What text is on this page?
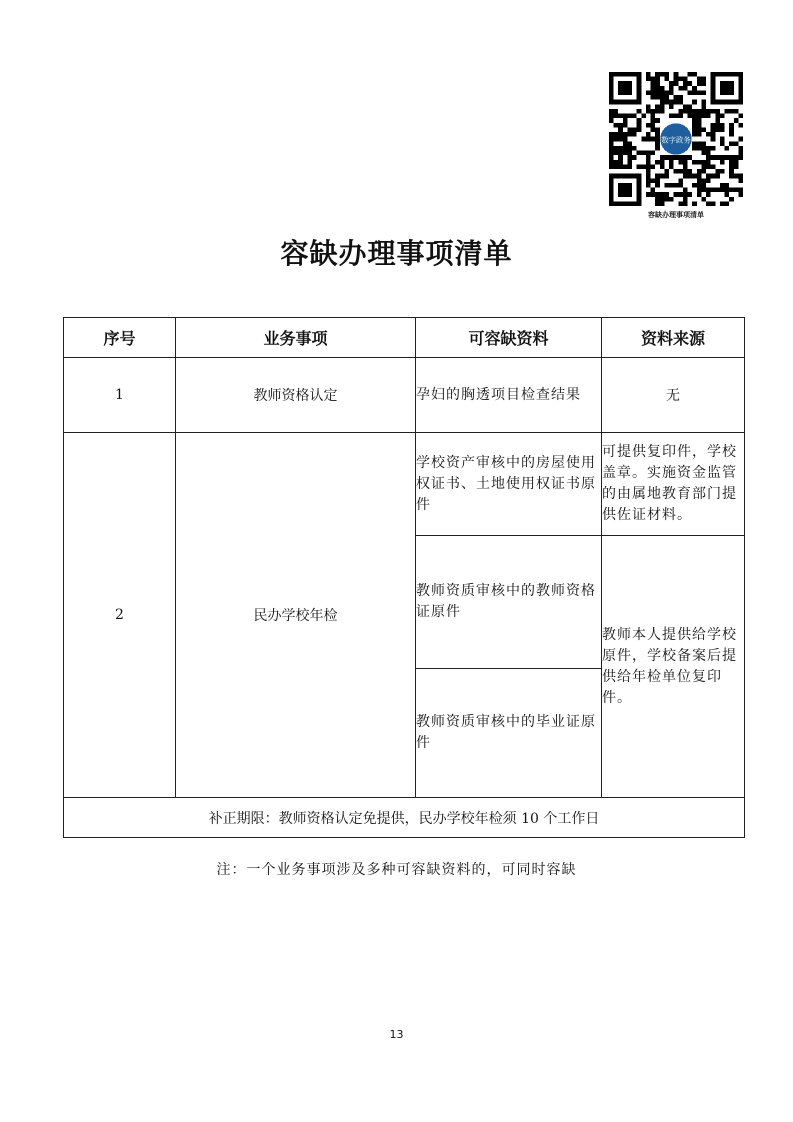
数字政务
容缺办理事项清单
容缺办理事项清单
序号	业务事项	可容缺资料	资料来源
1	教师资格认定	孕妇的胸透项目检查结果	无
2	民办学校年检	学校资产审核中的房屋使用权证书、土地使用权证书原件	可提供复印件，学校盖章。实施资金监管的由属地教育部门提供佐证材料。
		教师资质审核中的教师资格证原件	教师本人提供给学校原件，学校备案后提供给年检单位复印件。
		教师资质审核中的毕业证原件	
补正期限：教师资格认定免提供，民办学校年检须 10 个工作日			
注：一个业务事项涉及多种可容缺资料的，可同时容缺
13
